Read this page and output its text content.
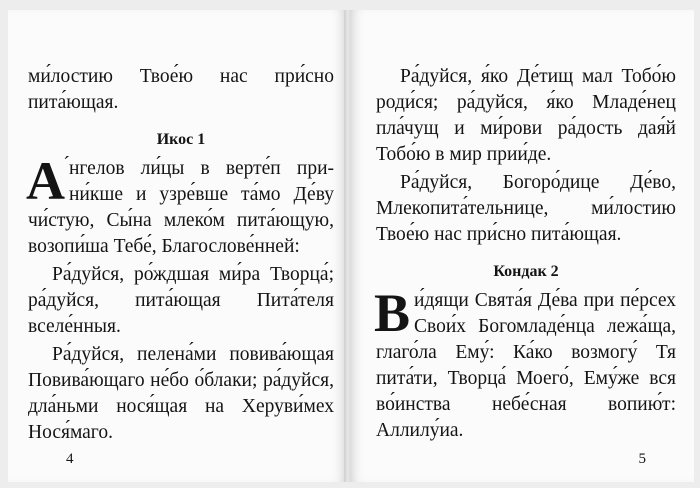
ми́лостию Твое́ю нас при́сно пита́ющая.

Икос 1

А ́нгелов ли́цы в верте́п при-ни́кше и узре́вше та́мо Де́ву чи́стую, Сы́на млеко́м пита́ющую, возопи́ша Тебе́, Благослове́нней:

Ра́дуйся, ро́ждшая ми́ра Творца́; ра́дуйся, пита́ющая Пита́теля вселе́нныя.

Ра́дуйся, пелена́ми повива́ющая Повива́ющаго не́бо о́блаки; ра́дуйся, дла́ньми нося́щая на Херуви́мех Нося́маго.

4

Ра́дуйся, я́ко Де́тищ мал Тобо́ю роди́ся; ра́дуйся, я́ко Младе́нец пла́чущ и ми́рови ра́дость дая́й Тобо́ю в мир прии́де.

Ра́дуйся, Богоро́дице Де́во, Млекопита́тельнице, ми́лостию Твое́ю нас при́сно пита́ющая.

Кондак 2

Ви́дящи Свята́я Де́ва при пе́рсех Свои́х Богомладе́нца лежа́ща, глаго́ла Ему́: Ка́ко возмогу́ Тя пита́ти, Творца́ Моего́, Ему́же вся во́инства небе́сная вопию́т: Аллилу́иа.

5
